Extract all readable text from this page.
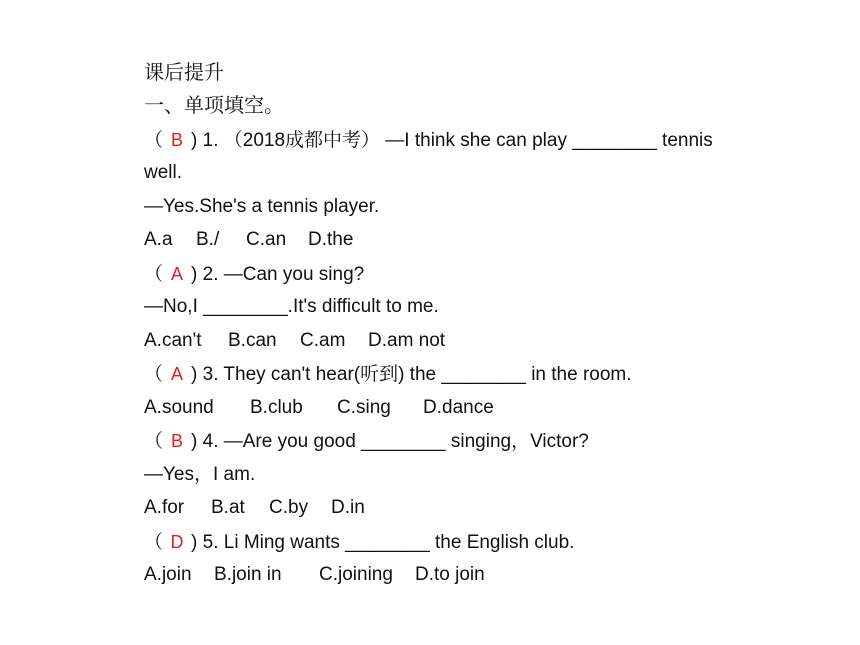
课后提升
一、单项填空。
（ B ) 1. （2018成都中考） —I think she can play ________ tennis
well.
—Yes.She's a tennis player.
A.a B./ C.an D.the
（ A ) 2. —Can you sing?
—No,I ________.It's difficult to me.
A.can't B.can C.am D.am not
（ A ) 3. They can't hear(听到) the ________ in the room.
A.sound B.club C.sing D.dance
（ B ) 4. —Are you good ________ singing，Victor?
—Yes，I am.
A.for B.at C.by D.in
（ D ) 5. Li Ming wants ________ the English club.
A.join B.join in C.joining D.to join
